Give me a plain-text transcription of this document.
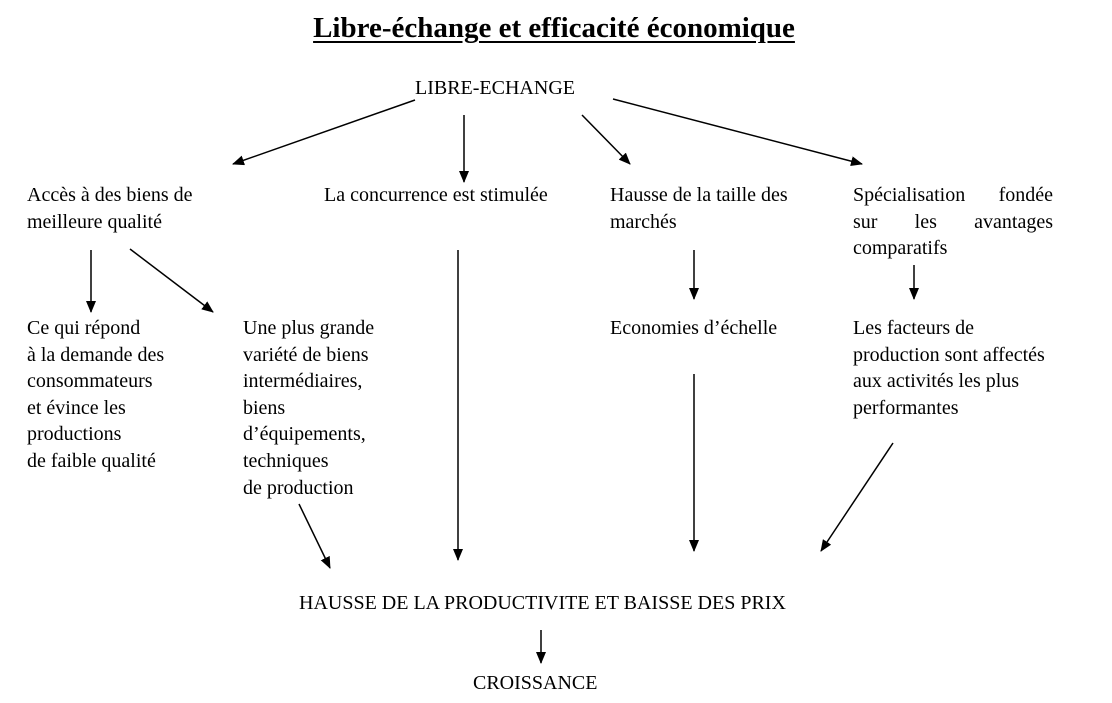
Libre-échange et efficacité économique
LIBRE-ECHANGE
Accès à des biens de
meilleure qualité
La concurrence est stimulée	Hausse de la taille des
marchés
Spécialisation fondée
sur les avantages
comparatifs
Ce qui répond
à la demande des
consommateurs
et évince les
productions
de faible qualité
Une plus grande
variété de biens
intermédiaires,
biens
d’équipements,
techniques
de production
Economies d’échelle	Les facteurs de
production sont affectés
aux activités les plus
performantes
HAUSSE DE LA PRODUCTIVITE ET BAISSE DES PRIX
CROISSANCE
